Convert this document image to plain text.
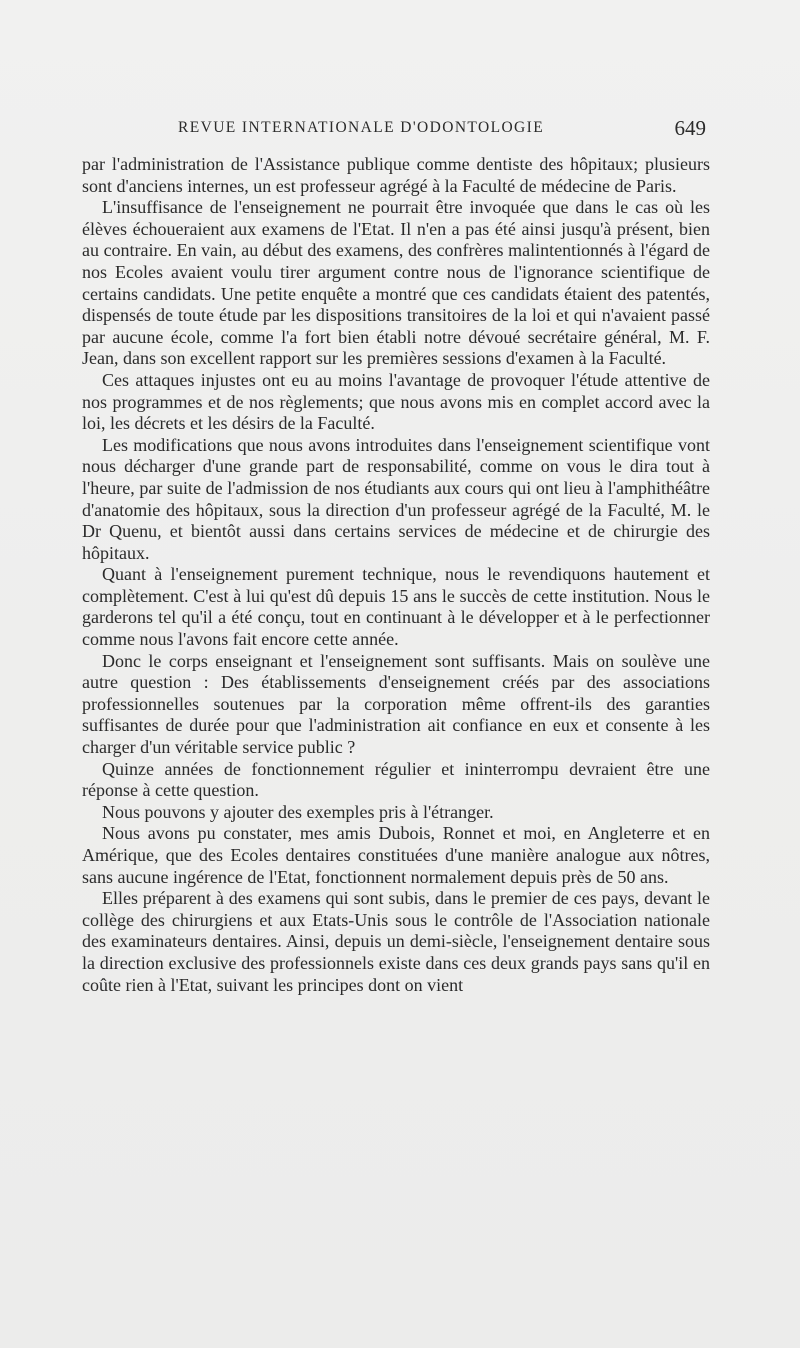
REVUE INTERNATIONALE D'ODONTOLOGIE	649

par l'administration de l'Assistance publique comme dentiste des hôpitaux; plusieurs sont d'anciens internes, un est professeur agrégé à la Faculté de médecine de Paris.

L'insuffisance de l'enseignement ne pourrait être invoquée que dans le cas où les élèves échoueraient aux examens de l'Etat. Il n'en a pas été ainsi jusqu'à présent, bien au contraire. En vain, au début des examens, des confrères malintentionnés à l'égard de nos Ecoles avaient voulu tirer argument contre nous de l'ignorance scientifique de certains candidats. Une petite enquête a montré que ces candidats étaient des patentés, dispensés de toute étude par les dispositions transitoires de la loi et qui n'avaient passé par aucune école, comme l'a fort bien établi notre dévoué secrétaire général, M. F. Jean, dans son excellent rapport sur les premières sessions d'examen à la Faculté.

Ces attaques injustes ont eu au moins l'avantage de provoquer l'étude attentive de nos programmes et de nos règlements; que nous avons mis en complet accord avec la loi, les décrets et les désirs de la Faculté.

Les modifications que nous avons introduites dans l'enseignement scientifique vont nous décharger d'une grande part de responsabilité, comme on vous le dira tout à l'heure, par suite de l'admission de nos étudiants aux cours qui ont lieu à l'amphithéâtre d'anatomie des hôpitaux, sous la direction d'un professeur agrégé de la Faculté, M. le Dr Quenu, et bientôt aussi dans certains services de médecine et de chirurgie des hôpitaux.

Quant à l'enseignement purement technique, nous le revendiquons hautement et complètement. C'est à lui qu'est dû depuis 15 ans le succès de cette institution. Nous le garderons tel qu'il a été conçu, tout en continuant à le développer et à le perfectionner comme nous l'avons fait encore cette année.

Donc le corps enseignant et l'enseignement sont suffisants. Mais on soulève une autre question : Des établissements d'enseignement créés par des associations professionnelles soutenues par la corporation même offrent-ils des garanties suffisantes de durée pour que l'administration ait confiance en eux et consente à les charger d'un véritable service public ?

Quinze années de fonctionnement régulier et ininterrompu devraient être une réponse à cette question.

Nous pouvons y ajouter des exemples pris à l'étranger.

Nous avons pu constater, mes amis Dubois, Ronnet et moi, en Angleterre et en Amérique, que des Ecoles dentaires constituées d'une manière analogue aux nôtres, sans aucune ingérence de l'Etat, fonctionnent normalement depuis près de 50 ans.

Elles préparent à des examens qui sont subis, dans le premier de ces pays, devant le collège des chirurgiens et aux Etats-Unis sous le contrôle de l'Association nationale des examinateurs dentaires. Ainsi, depuis un demi-siècle, l'enseignement dentaire sous la direction exclusive des professionnels existe dans ces deux grands pays sans qu'il en coûte rien à l'Etat, suivant les principes dont on vient
